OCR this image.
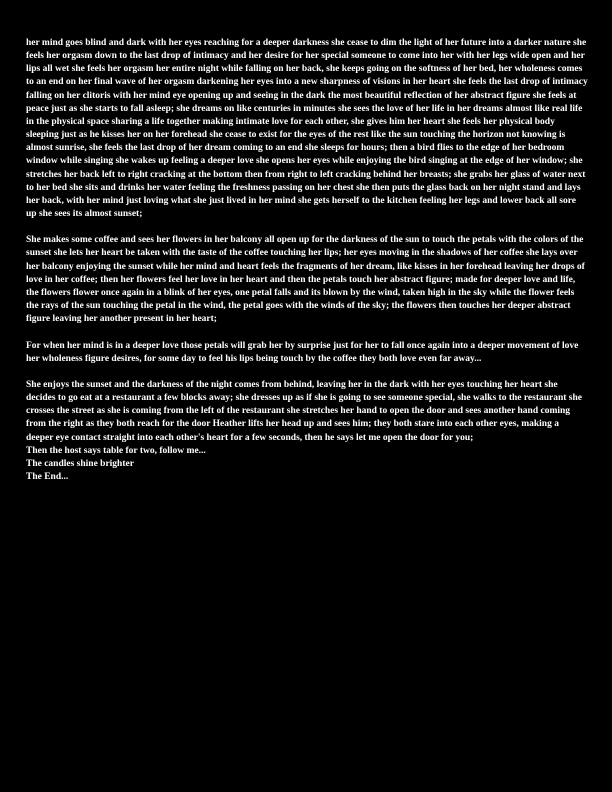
her mind goes blind and dark with her eyes reaching for a deeper darkness she cease to dim the light of her future into a darker nature she feels her orgasm down to the last drop of intimacy and her desire for her special someone to come into her with her legs wide open and her lips all wet she feels her orgasm her entire night while falling on her back, she keeps going on the softness of her bed, her wholeness comes to an end on her final wave of her orgasm darkening her eyes into a new sharpness of visions in her heart she feels the last drop of intimacy falling on her clitoris with her mind eye opening up and seeing in the dark the most beautiful reflection of her abstract figure she feels at peace just as she starts to fall asleep; she dreams on like centuries in minutes she sees the love of her life in her dreams almost like real life in the physical space sharing a life together making intimate love for each other, she gives him her heart she feels her physical body sleeping just as he kisses her on her forehead she cease to exist for the eyes of the rest like the sun touching the horizon not knowing is almost sunrise, she feels the last drop of her dream coming to an end she sleeps for hours; then a bird flies to the edge of her bedroom window while singing she wakes up feeling a deeper love she opens her eyes while enjoying the bird singing at the edge of her window; she stretches her back left to right cracking at the bottom then from right to left cracking behind her breasts; she grabs her glass of water next to her bed she sits and drinks her water feeling the freshness passing on her chest she then puts the glass back on her night stand and lays her back, with her mind just loving what she just lived in her mind she gets herself to the kitchen feeling her legs and lower back all sore up she sees its almost sunset;

She makes some coffee and sees her flowers in her balcony all open up for the darkness of the sun to touch the petals with the colors of the sunset she lets her heart be taken with the taste of the coffee touching her lips; her eyes moving in the shadows of her coffee she lays over her balcony enjoying the sunset while her mind and heart feels the fragments of her dream, like kisses in her forehead leaving her drops of love in her coffee; then her flowers feel her love in her heart and then the petals touch her abstract figure; made for deeper love and life, the flowers flower once again in a blink of her eyes, one petal falls and its blown by the wind, taken high in the sky while the flower feels the rays of the sun touching the petal in the wind, the petal goes with the winds of the sky; the flowers then touches her deeper abstract figure leaving her another present in her heart;

For when her mind is in a deeper love those petals will grab her by surprise just for her to fall once again into a deeper movement of love her wholeness figure desires, for some day to feel his lips being touch by the coffee they both love even far away...

She enjoys the sunset and the darkness of the night comes from behind, leaving her in the dark with her eyes touching her heart she decides to go eat at a restaurant a few blocks away; she dresses up as if she is going to see someone special, she walks to the restaurant she crosses the street as she is coming from the left of the restaurant she stretches her hand to open the door and sees another hand coming from the right as they both reach for the door Heather lifts her head up and sees him; they both stare into each other eyes, making a deeper eye contact straight into each other's heart for a few seconds, then he says let me open the door for you;

Then the host says table for two, follow me...
The candles shine brighter
The End...
